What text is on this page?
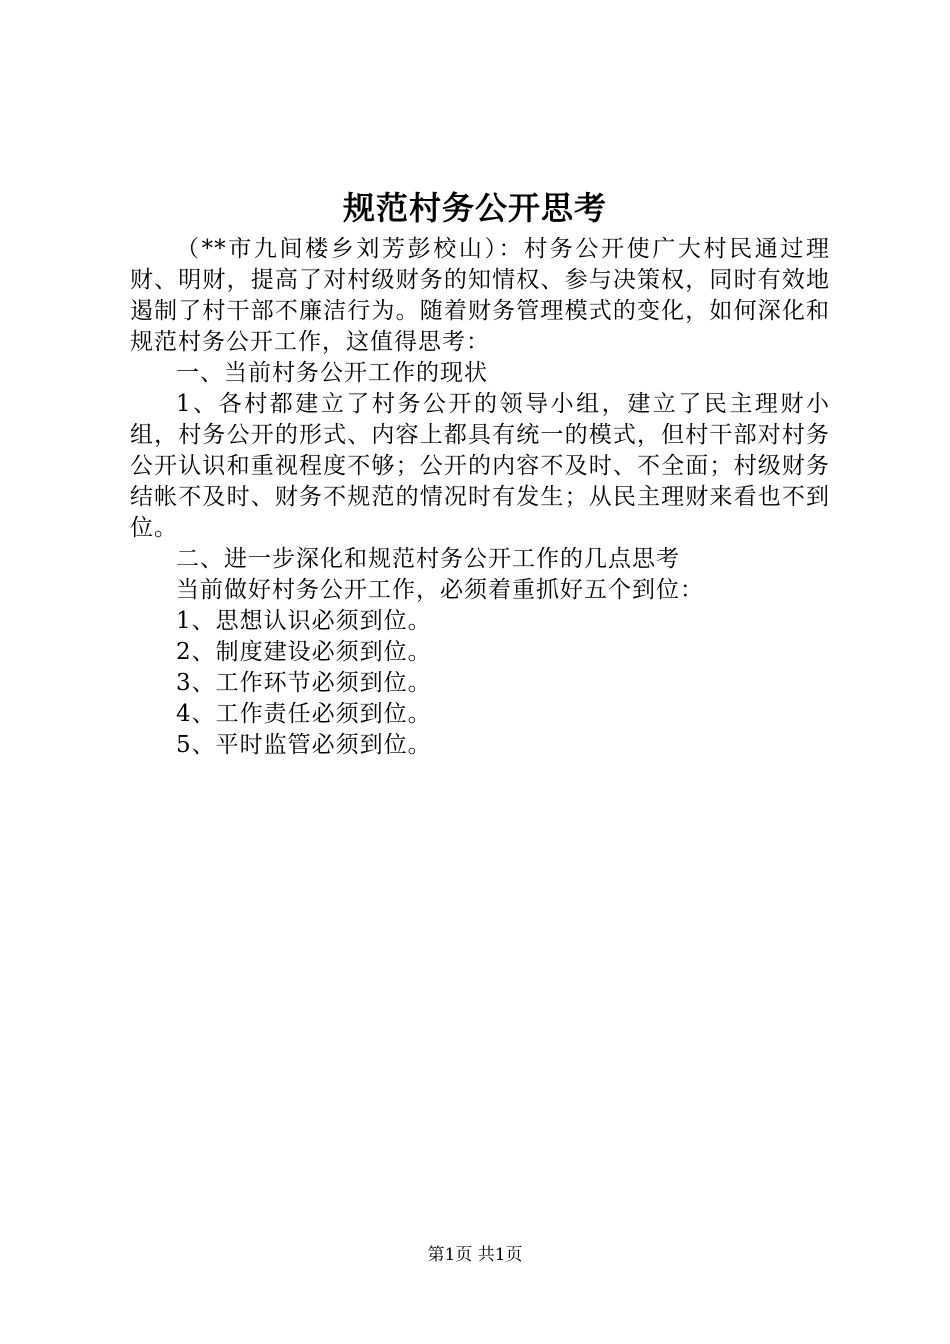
规范村务公开思考

（**市九间楼乡刘芳彭校山）：村务公开使广大村民通过理财、明财，提高了对村级财务的知情权、参与决策权，同时有效地遏制了村干部不廉洁行为。随着财务管理模式的变化，如何深化和规范村务公开工作，这值得思考：

一、当前村务公开工作的现状

1、各村都建立了村务公开的领导小组，建立了民主理财小组，村务公开的形式、内容上都具有统一的模式，但村干部对村务公开认识和重视程度不够；公开的内容不及时、不全面；村级财务结帐不及时、财务不规范的情况时有发生；从民主理财来看也不到位。

二、进一步深化和规范村务公开工作的几点思考

当前做好村务公开工作，必须着重抓好五个到位：

1、思想认识必须到位。

2、制度建设必须到位。

3、工作环节必须到位。

4、工作责任必须到位。

5、平时监管必须到位。

第1页 共1页
